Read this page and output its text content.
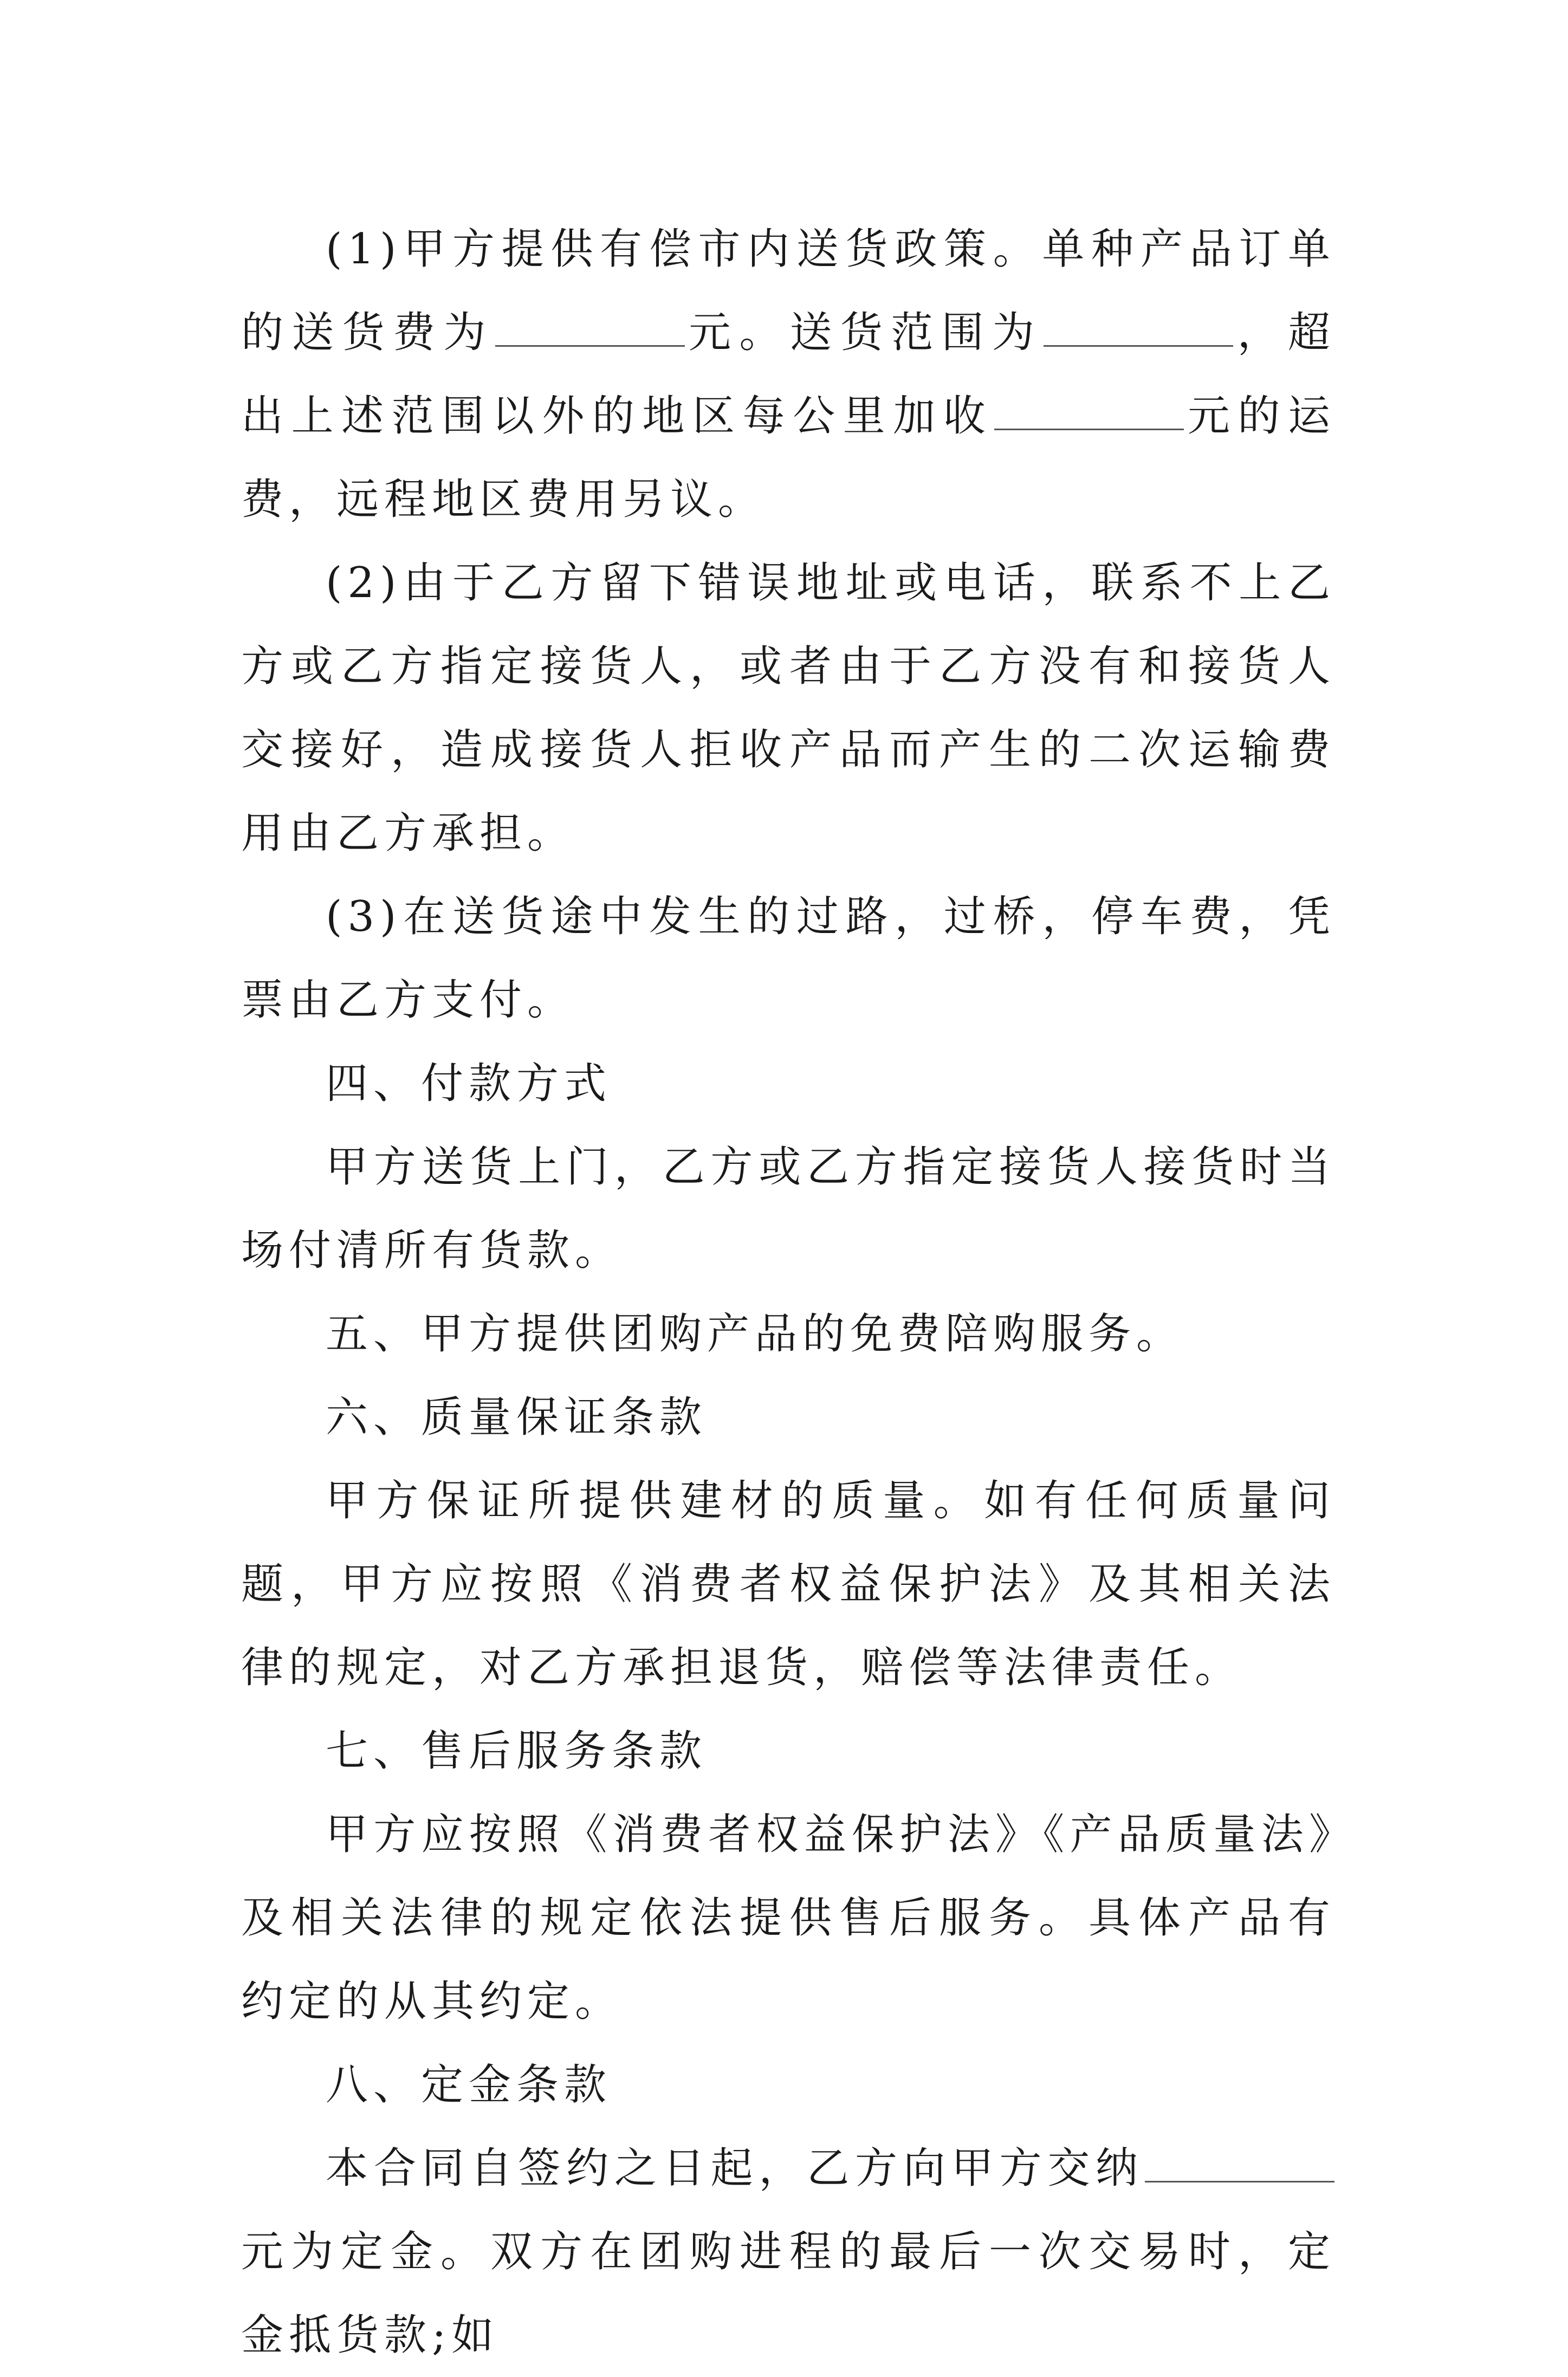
(1)甲方提供有偿市内送货政策。单种产品订单的送货费为	元。送货范围为	，超出上述范围以外的地区每公里加收	元的运费，远程地区费用另议。

(2)由于乙方留下错误地址或电话，联系不上乙方或乙方指定接货人，或者由于乙方没有和接货人交接好，造成接货人拒收产品而产生的二次运输费用由乙方承担。

(3)在送货途中发生的过路，过桥，停车费，凭票由乙方支付。

四、付款方式

甲方送货上门，乙方或乙方指定接货人接货时当场付清所有货款。

五、甲方提供团购产品的免费陪购服务。

六、质量保证条款

甲方保证所提供建材的质量。如有任何质量问题，甲方应按照《消费者权益保护法》及其相关法律的规定，对乙方承担退货，赔偿等法律责任。

七、售后服务条款

甲方应按照《消费者权益保护法》《产品质量法》及相关法律的规定依法提供售后服务。具体产品有约定的从其约定。

八、定金条款

本合同自签约之日起，乙方向甲方交纳元为定金。双方在团购进程的最后一次交易时，定金抵货款;如
